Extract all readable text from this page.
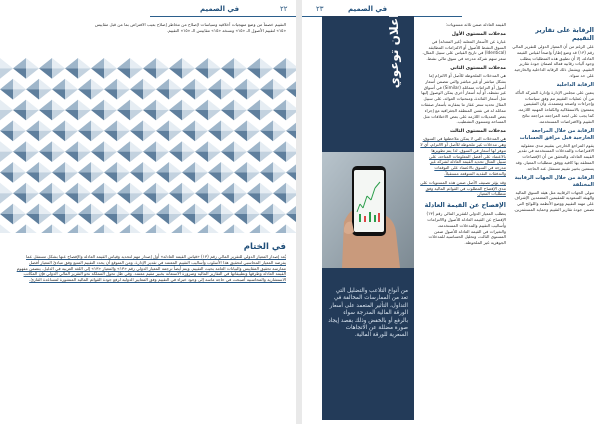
في الصميم	٢٢

التقييم خصماً من وضع منهجيات أخلاقية وسياسات لإصلاح من مخاطر إصلاح بعيب الافتراض بما من قبل مقاييس «١٥» لتقييم الأصول الـ «١٥» ونسخة «١٥» مقاييس الـ «١٥» التقييم.

في الختام

يُعد إصدار المعيار الدولي للتقرير المالي رقم (١٣) «قياس القيمة العادلة» أول إصدار مهم لتحديد وقياس القيمة العادلة والإفصاح عنها بشكل مستقل عما يفرضه المعيار المحاسبي لتحقيق هذا الأسلوب وأساليب التقييم المعتمد في تقدير الإدارة. ومن المتوقع أن يحدد التقييم المتبع وفق مبادئ المعيار أفضل ممارسة تحقيق المقاييس والبيانات العامة بحيث التقييم. ويتم أيضاً ترجمة المعيار الدولي رقم «١٣» والمعيار «١٣» إلى اللغة العربية في الدليل. يتضمن مفهوم القيمة العادلة وطرقها وتطبيقاتها في التقارير المالية وضرورة الاستعانة بخبير مقيم معتمد. وفي ظل تحول المملكة نحو التقرير المالي الدولي فإن المكاتب الاستشارية والمحاسبية أصبحت في حاجة ماسة إلى وجود خبراء في التقييم وفق المعايير الدولية لرفع جودة القوائم المالية المنشورة لمساعدة القارئ.

٢٣	في الصميم
اعلان توعوي
من أنواع التلاعب والتضليل التي تعد من الممارسات المخالفة في التداول، التأثير المتعمد على أسعار الورقة المالية المدرجة سواء بالرفع أو بالخفض وذلك بقصد إيجاد صورة مضللة عن الاتجاهات السعرية للورقة المالية.

القيمة العادلة ضمن ثلاثة مستويات:

مدخلات المستوى الأول

عبارة عن الأسعار المعلنة (غير المعدلة) في السوق النشط للأصول أو الالتزامات المطابقة (Identical) في تاريخ القياس على سبيل المثال، سعر سهم شركة مدرجة في سوق مالي نشط.

مدخلات المستوى الثاني

هي المدخلات الملحوظة للأصل أو الالتزام إما بشكل مباشر أو غير مباشر والتي تتضمن أسعار أصول أو التزامات متماثلة (Similar) في أسواق غير نشطة، أو أية أسعار أخرى يمكن الوصول إليها مثل أسعار الفائدة، ومنحنيات العوائد، على سبيل المثال تحديد سعر عقار ما بمقارنة بأسعار صفقات مماثلة له في نفس المنطقة الجغرافية مع إجراء بعض التعديلات اللازمة على بعض الاختلافات مثل المساحة ومستوى التشطيب.

مدخلات المستوى الثالث

هي المدخلات التي لا يمكن ملاحظتها في السوق، وهي مدخلات غير ملحوظة للأصل أو الالتزام، أي لا تتوفر لها أسعار في السوق. لذا يتم تطويرها بالاعتماد على أفضل المعلومات المتاحة، على سبيل المثال تحديد القيمة العادلة لشركة غير مدرجة في السوق بالاعتماد على التوقعات والتدفقات النقدية المتوقعة مستقبلاً.

وقد يؤثر تصنيف الأصل ضمن هذه المستويات على مدى الإفصاح المطلوب في القوائم المالية وفق متطلبات المعيار.

الإفصاح عن القيمة العادلة

يتطلب المعيار الدولي للتقرير المالي رقم (١٣) الإفصاح عن القيمة العادلة للأصول والالتزامات وأساليب التقييم والمدخلات المستخدمة، والتغيرات في القيمة العادلة للأصول ضمن المستوى الثالث، وتحليل الحساسية للمدخلات الجوهرية غير الملحوظة.

الرقابة على تقارير التقييم

على الرغم من أن المعيار الدولي للتقرير المالي رقم (١٣) قد وضع إطاراً واضحاً لقياس القيمة العادلة، إلا أن تطبيق هذه المتطلبات يتطلب وجود آليات رقابية فعالة لضمان جودة تقارير التقييم. ويشمل ذلك الرقابة الداخلية والخارجية على حد سواء.

الرقابة الداخلية

يتعين على مجلس الإدارة وإدارة الشركة التأكد من أن عمليات التقييم تتم وفق سياسات وإجراءات واضحة ومعتمدة، وأن المقيمين يتمتعون بالاستقلالية والكفاءة المهنية اللازمة. كما يجب على لجنة المراجعة مراجعة نتائج التقييم والافتراضات المستخدمة.

الرقابة من خلال المراجعة الخارجية قبل مرافق الحسابات

يقوم المراجع الخارجي بتقييم مدى معقولية الافتراضات والمدخلات المستخدمة في تقدير القيمة العادلة، والتحقق من أن الإفصاحات المتعلقة بها كافية ووفق متطلبات المعيار، وقد يستعين بخبير تقييم مستقل عند الحاجة.

الرقابة من خلال الجهات الرقابية المختلفة

تتولى الجهات الرقابية مثل هيئة السوق المالية والهيئة السعودية للمقيمين المعتمدين الإشراف على مهنة التقييم ووضع الأنظمة واللوائح التي تضمن جودة تقارير التقييم وحماية المستثمرين.
